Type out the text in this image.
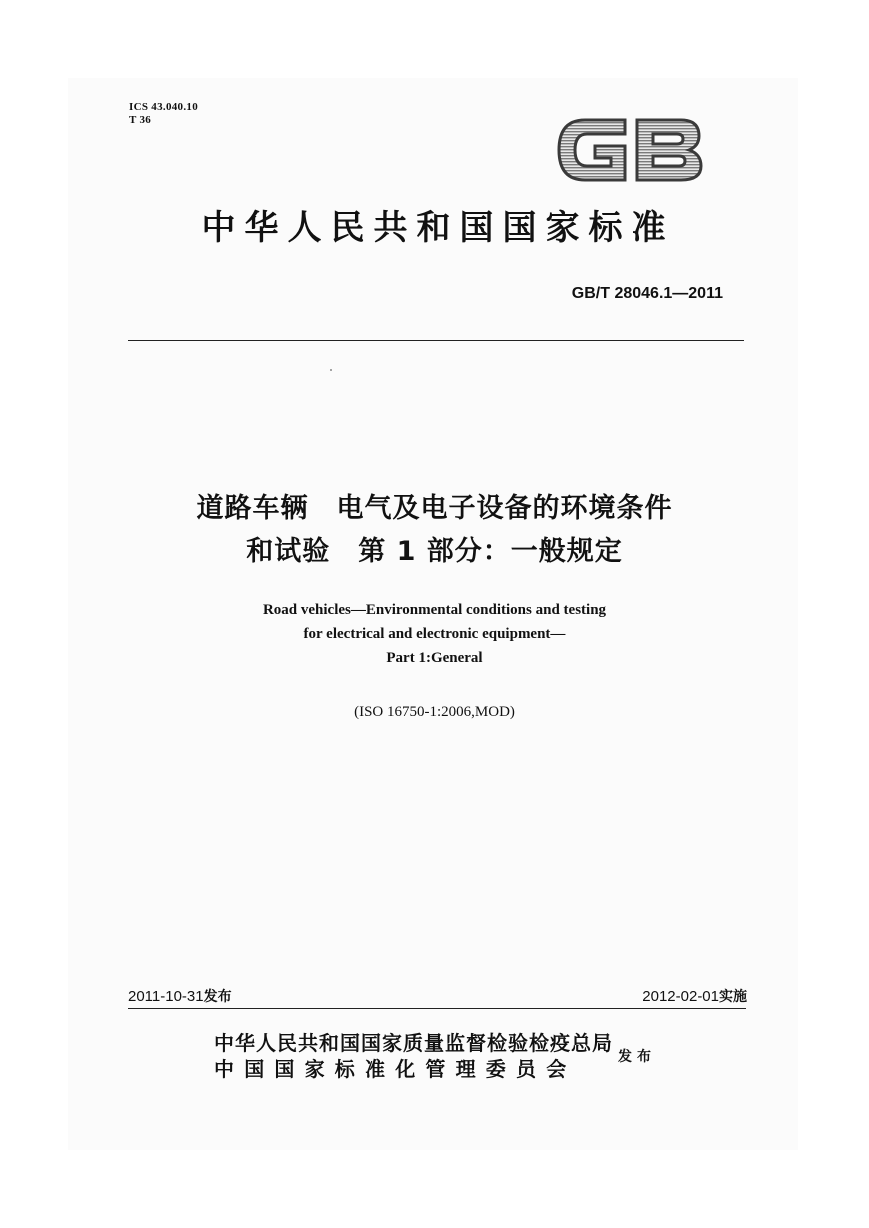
ICS 43.040.10
T 36
中华人民共和国国家标准
GB/T 28046.1—2011
道路车辆　电气及电子设备的环境条件
和试验　第 1 部分：一般规定
Road vehicles—Environmental conditions and testing
for electrical and electronic equipment—
Part 1:General
(ISO 16750-1:2006,MOD)
2011-10-31发布	2012-02-01实施
中华人民共和国国家质量监督检验检疫总局
中国国家标准化管理委员会	发布
